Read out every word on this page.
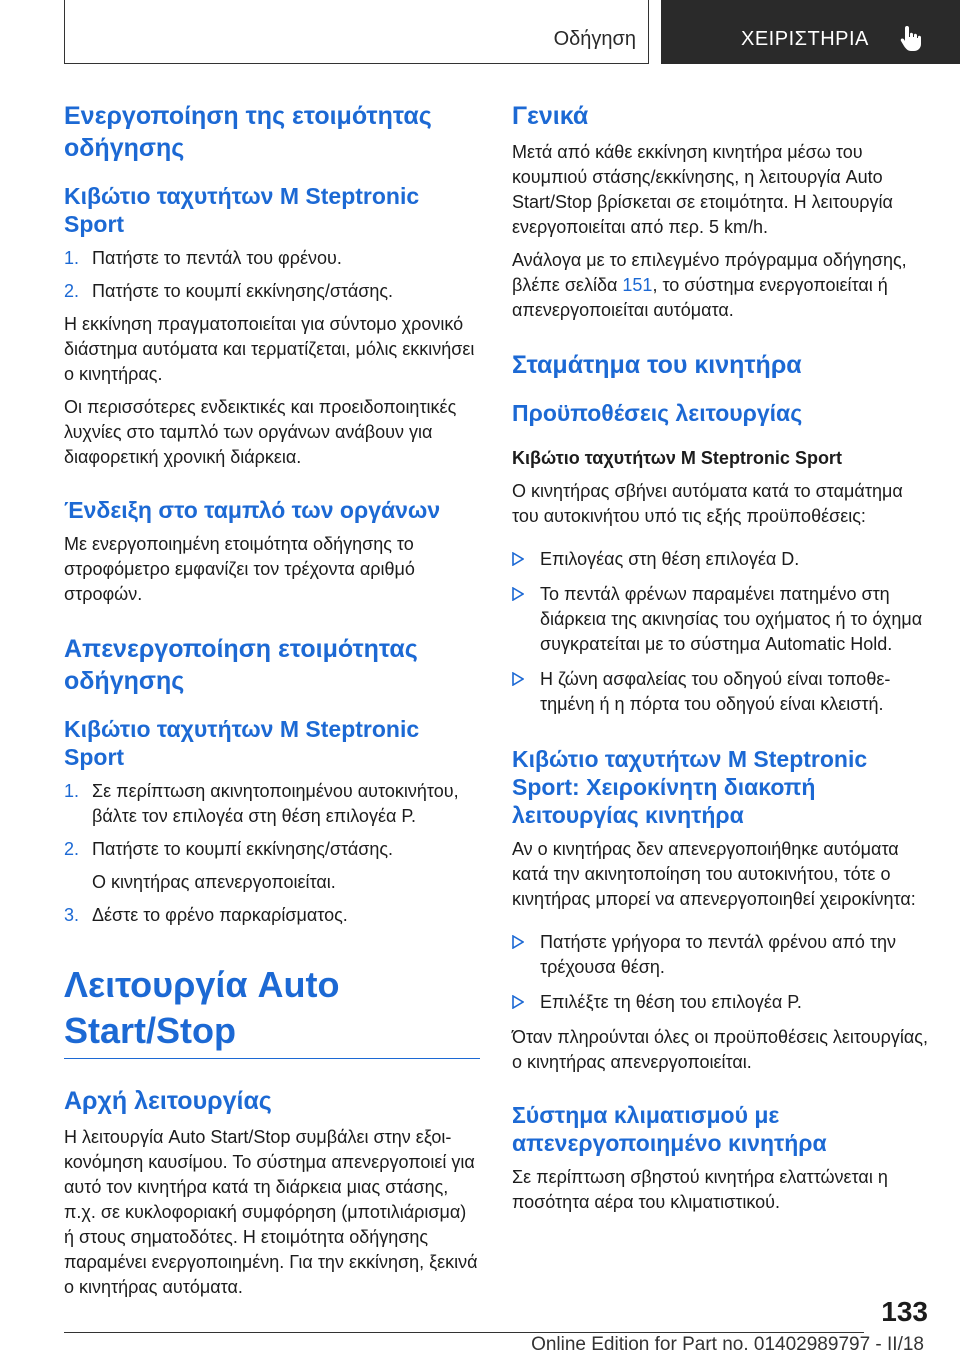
Οδήγηση	ΧΕΙΡΙΣΤΗΡΙΑ
Ενεργοποίηση της ετοιμότητας οδήγησης
Κιβώτιο ταχυτήτων M Steptronic Sport
1. Πατήστε το πεντάλ του φρένου.
2. Πατήστε το κουμπί εκκίνησης/στάσης.

Η εκκίνηση πραγματοποιείται για σύντομο χρονικό διάστημα αυτόματα και τερματίζεται, μόλις εκκινήσει ο κινητήρας.

Οι περισσότερες ενδεικτικές και προειδοποιητικές λυχνίες στο ταμπλό των οργάνων ανάβουν για διαφορετική χρονική διάρκεια.

Ένδειξη στο ταμπλό των οργάνων

Με ενεργοποιημένη ετοιμότητα οδήγησης το στροφόμετρο εμφανίζει τον τρέχοντα αριθμό στροφών.

Απενεργοποίηση ετοιμότητας οδήγησης
Κιβώτιο ταχυτήτων M Steptronic Sport
1. Σε περίπτωση ακινητοποιημένου αυτοκινήτου, βάλτε τον επιλογέα στη θέση επιλογέα P.
2. Πατήστε το κουμπί εκκίνησης/στάσης.
Ο κινητήρας απενεργοποιείται.
3. Δέστε το φρένο παρκαρίσματος.
Λειτουργία Auto Start/Stop
Αρχή λειτουργίας

Η λειτουργία Auto Start/Stop συμβάλει στην εξοικονόμηση καυσίμου. Το σύστημα απενεργοποιεί για αυτό τον κινητήρα κατά τη διάρκεια μιας στάσης, π.χ. σε κυκλοφοριακή συμφόρηση (μποτιλιάρισμα) ή στους σηματοδότες. Η ετοιμότητα οδήγησης παραμένει ενεργοποιημένη. Για την εκκίνηση, ξεκινά ο κινητήρας αυτόματα.

Γενικά

Μετά από κάθε εκκίνηση κινητήρα μέσω του κουμπιού στάσης/εκκίνησης, η λειτουργία Auto Start/Stop βρίσκεται σε ετοιμότητα. Η λειτουργία ενεργοποιείται από περ. 5 km/h.

Ανάλογα με το επιλεγμένο πρόγραμμα οδήγησης, βλέπε σελίδα 151, το σύστημα ενεργοποιείται ή απενεργοποιείται αυτόματα.

Σταμάτημα του κινητήρα
Προϋποθέσεις λειτουργίας
Κιβώτιο ταχυτήτων M Steptronic Sport

Ο κινητήρας σβήνει αυτόματα κατά το σταμάτημα του αυτοκινήτου υπό τις εξής προϋποθέσεις:

Επιλογέας στη θέση επιλογέα D.
Το πεντάλ φρένων παραμένει πατημένο στη διάρκεια της ακινησίας του οχήματος ή το όχημα συγκρατείται με το σύστημα Automatic Hold.
Η ζώνη ασφαλείας του οδηγού είναι τοποθετημένη ή η πόρτα του οδηγού είναι κλειστή.
Κιβώτιο ταχυτήτων M Steptronic Sport: Χειροκίνητη διακοπή λειτουργίας κινητήρα

Αν ο κινητήρας δεν απενεργοποιήθηκε αυτόματα κατά την ακινητοποίηση του αυτοκινήτου, τότε ο κινητήρας μπορεί να απενεργοποιηθεί χειροκίνητα:

Πατήστε γρήγορα το πεντάλ φρένου από την τρέχουσα θέση.
Επιλέξτε τη θέση του επιλογέα P.

Όταν πληρούνται όλες οι προϋποθέσεις λειτουργίας, ο κινητήρας απενεργοποιείται.

Σύστημα κλιματισμού με απενεργοποιημένο κινητήρα

Σε περίπτωση σβηστού κινητήρα ελαττώνεται η ποσότητα αέρα του κλιματιστικού.

133
Online Edition for Part no. 01402989797 - II/18
